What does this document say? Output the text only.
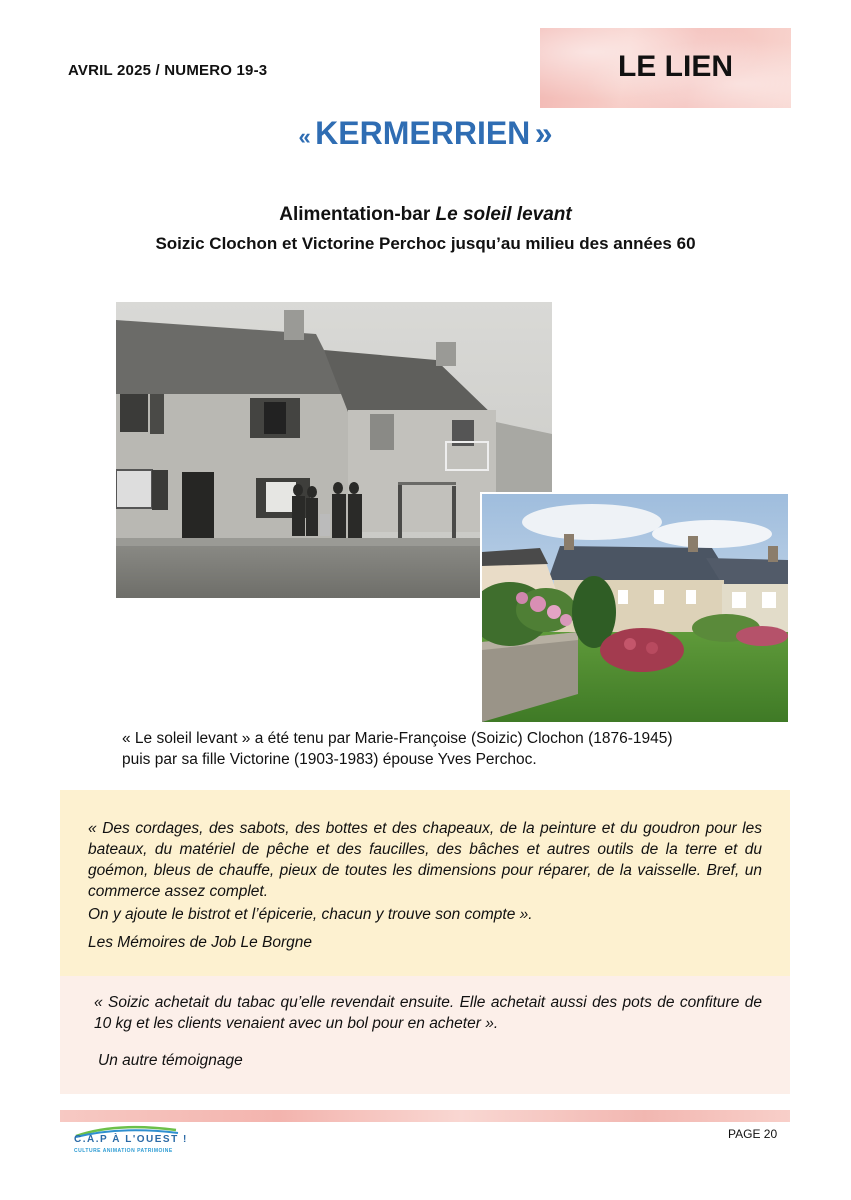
AVRIL 2025 / NUMERO 19-3	LE LIEN
« KERMERRIEN »
Alimentation-bar Le soleil levant
Soizic Clochon et Victorine Perchoc jusqu’au milieu des années 60
« Le soleil levant » a été tenu par Marie-Françoise (Soizic) Clochon (1876-1945)
puis par sa fille Victorine (1903-1983) épouse Yves Perchoc.
« Des cordages, des sabots, des bottes et des chapeaux, de la peinture et du goudron pour les bateaux, du matériel de pêche et des faucilles, des bâches et autres outils de la terre et du goémon, bleus de chauffe, pieux de toutes les dimensions pour réparer, de la vaisselle. Bref, un commerce assez complet.
On y ajoute le bistrot et l’épicerie, chacun y trouve son compte ».
Les Mémoires de Job Le Borgne
« Soizic achetait du tabac qu’elle revendait ensuite. Elle achetait aussi des pots de confiture de 10 kg et les clients venaient avec un bol pour en acheter ».
Un autre témoignage
C.A.P À L'OUEST !
CULTURE ANIMATION PATRIMOINE
PAGE 20
